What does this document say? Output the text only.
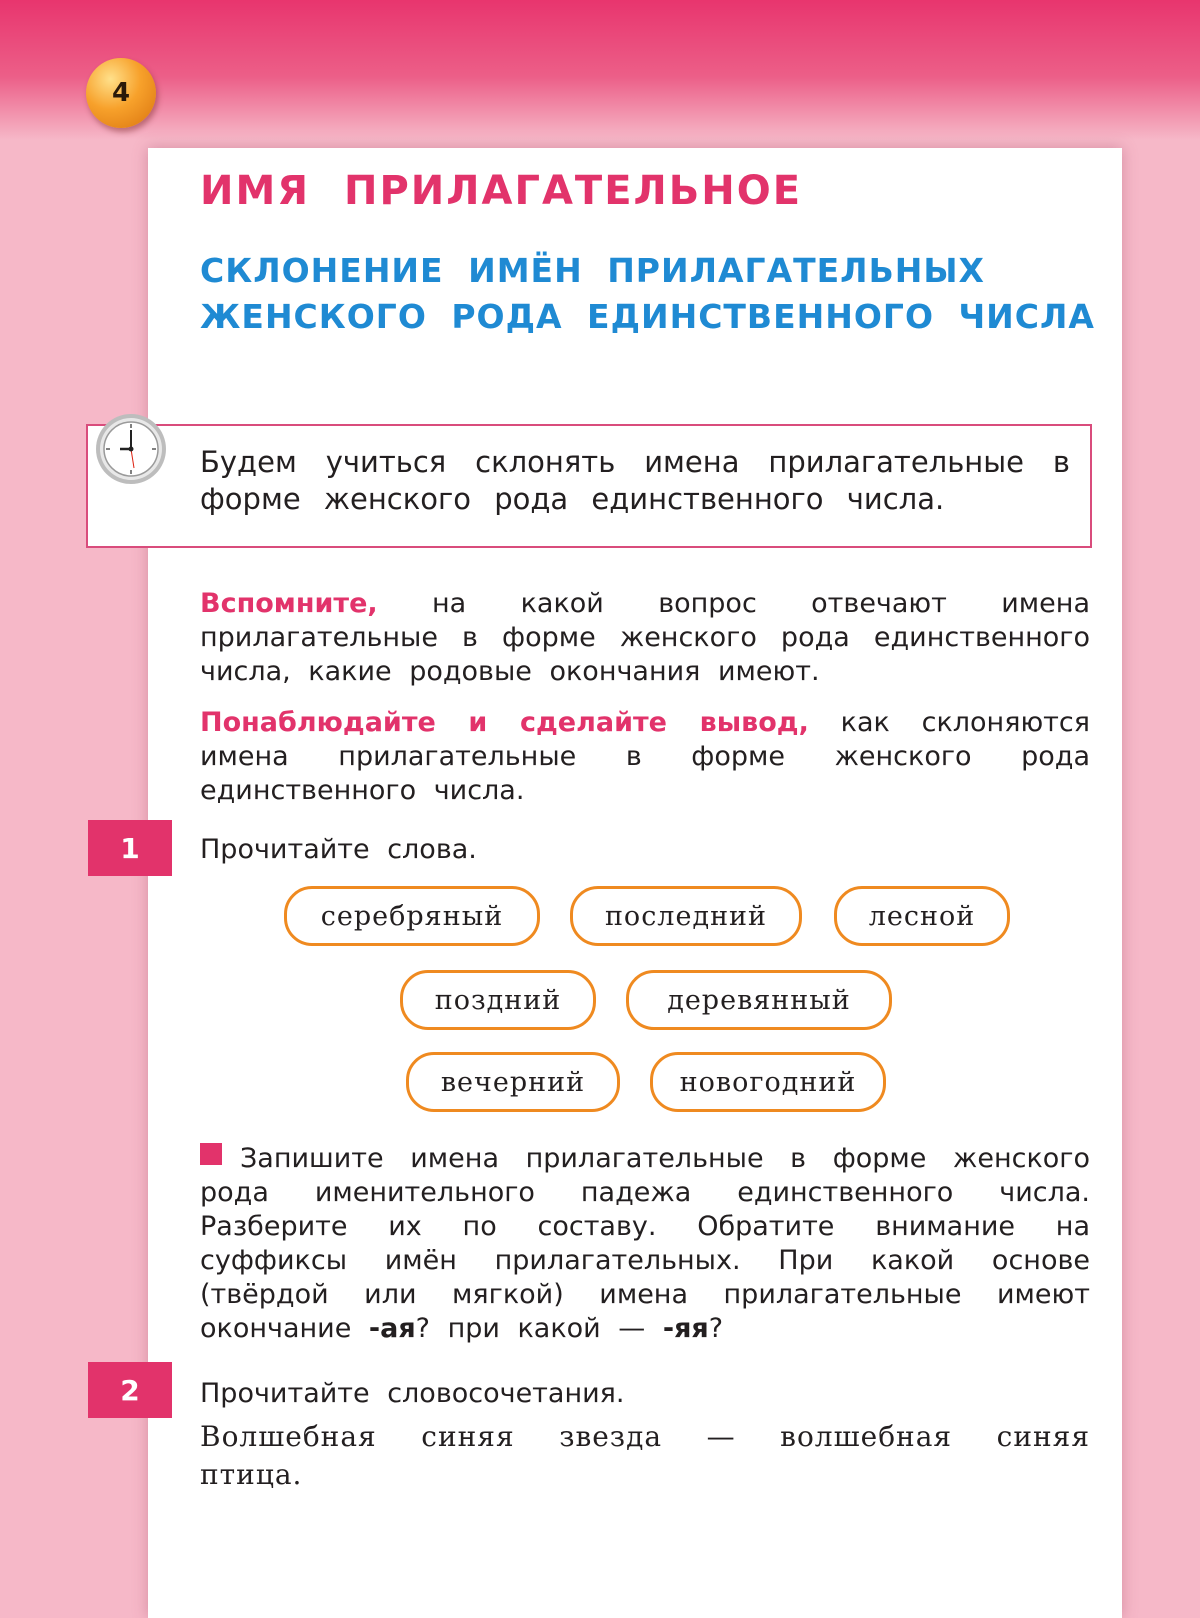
4
ИМЯ ПРИЛАГАТЕЛЬНОЕ
СКЛОНЕНИЕ ИМЁН ПРИЛАГАТЕЛЬНЫХ ЖЕНСКОГО РОДА ЕДИНСТВЕННОГО ЧИСЛА

Будем учиться склонять имена прилагательные в форме женского рода единственного числа.

Вспомните, на какой вопрос отвечают имена прилагательные в форме женского рода единственного числа, какие родовые окончания имеют.

Понаблюдайте и сделайте вывод, как склоняются имена прилагательные в форме женского рода единственного числа.

1	Прочитайте слова.

серебряный	последний	лесной
поздний	деревянный
вечерний	новогодний

Запишите имена прилагательные в форме женского рода именительного падежа единственного числа. Разберите их по составу. Обратите внимание на суффиксы имён прилагательных. При какой основе (твёрдой или мягкой) имена прилагательные имеют окончание -ая? при какой — -яя?

2	Прочитайте словосочетания.

Волшебная синяя звезда — волшебная синяя птица.
